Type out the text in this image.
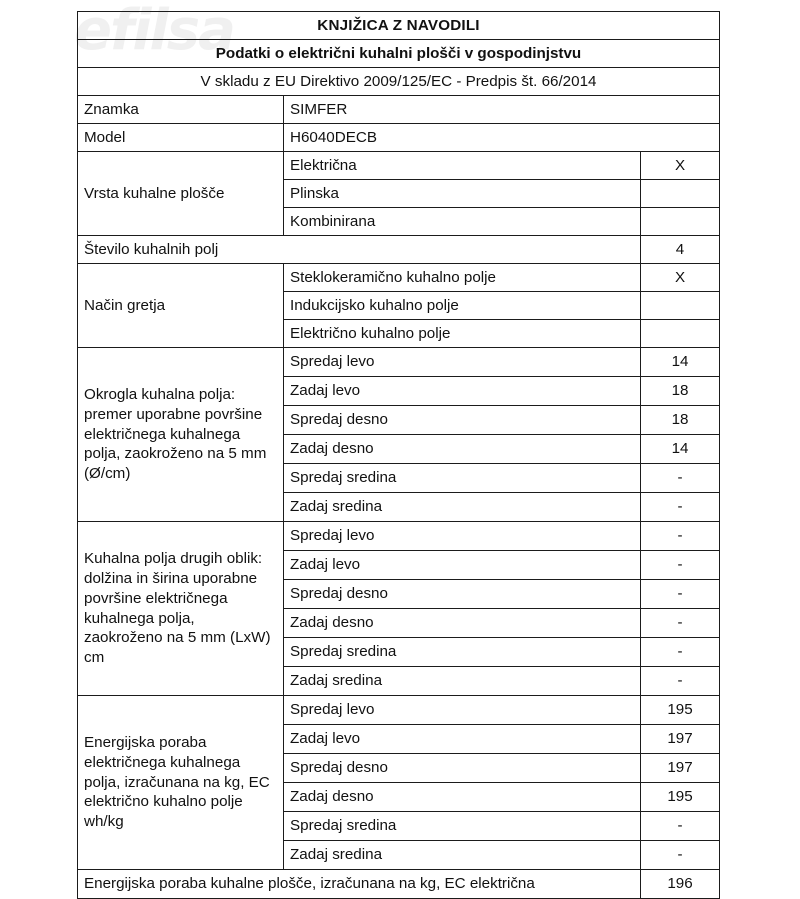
efilsa	KNJIŽICA Z NAVODILI		
Podatki o električni kuhalni plošči v gospodinjstvu		
V skladu z EU Direktivo 2009/125/EC - Predpis št. 66/2014		
Znamka	SIMFER	
Model	H6040DECB	
Vrsta kuhalne plošče	Električna	X
	Plinska	
	Kombinirana	
Število kuhalnih polj		4
Način gretja	Steklokeramično kuhalno polje	X
	Indukcijsko kuhalno polje	
	Električno kuhalno polje	
Okrogla kuhalna polja: premer uporabne površine električnega kuhalnega polja, zaokroženo na 5 mm (Ø/cm)	Spredaj levo	14
	Zadaj levo	18
	Spredaj desno	18
	Zadaj desno	14
	Spredaj sredina	-
	Zadaj sredina	-
Kuhalna polja drugih oblik: dolžina in širina uporabne površine električnega kuhalnega polja, zaokroženo na 5 mm (LxW) cm	Spredaj levo	-
	Zadaj levo	-
	Spredaj desno	-
	Zadaj desno	-
	Spredaj sredina	-
	Zadaj sredina	-
Energijska poraba električnega kuhalnega polja, izračunana na kg, EC električno kuhalno polje wh/kg	Spredaj levo	195
	Zadaj levo	197
	Spredaj desno	197
	Zadaj desno	195
	Spredaj sredina	-
	Zadaj sredina	-
Energijska poraba kuhalne plošče, izračunana na kg, EC električna		196
